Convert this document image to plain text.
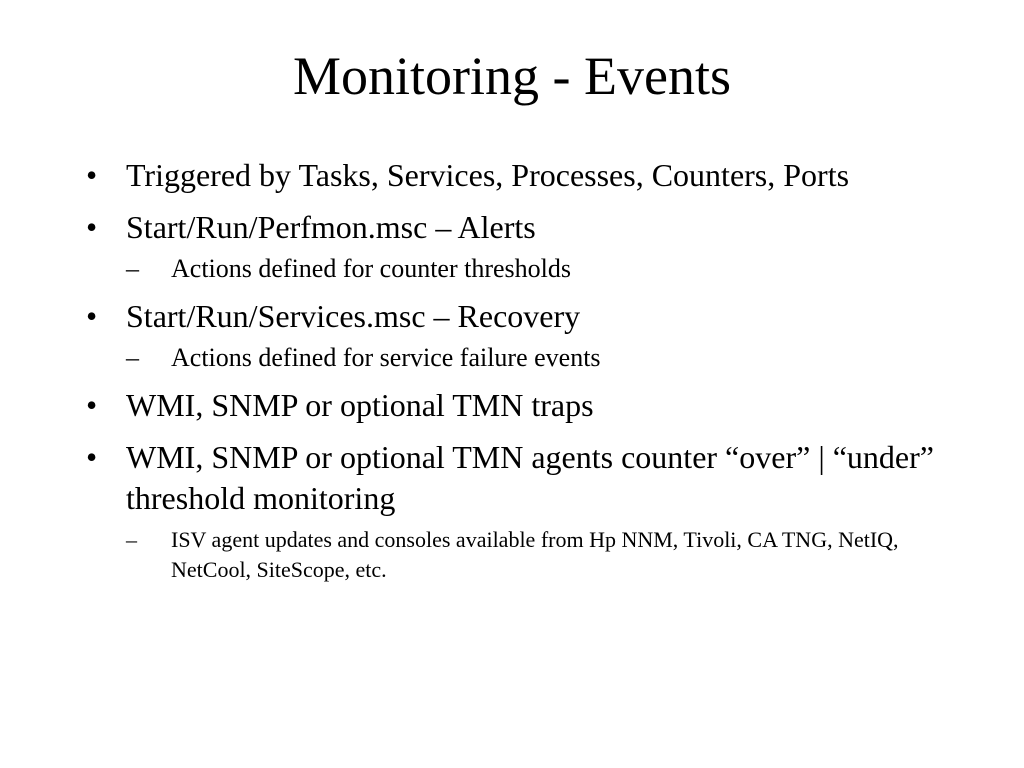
Monitoring - Events
• Triggered by Tasks, Services, Processes, Counters, Ports
• Start/Run/Perfmon.msc – Alerts
– Actions defined for counter thresholds
• Start/Run/Services.msc – Recovery
– Actions defined for service failure events
• WMI, SNMP or optional TMN traps
• WMI, SNMP or optional TMN agents counter “over” | “under” threshold monitoring
– ISV agent updates and consoles available from Hp NNM, Tivoli, CA TNG, NetIQ, NetCool, SiteScope, etc.
